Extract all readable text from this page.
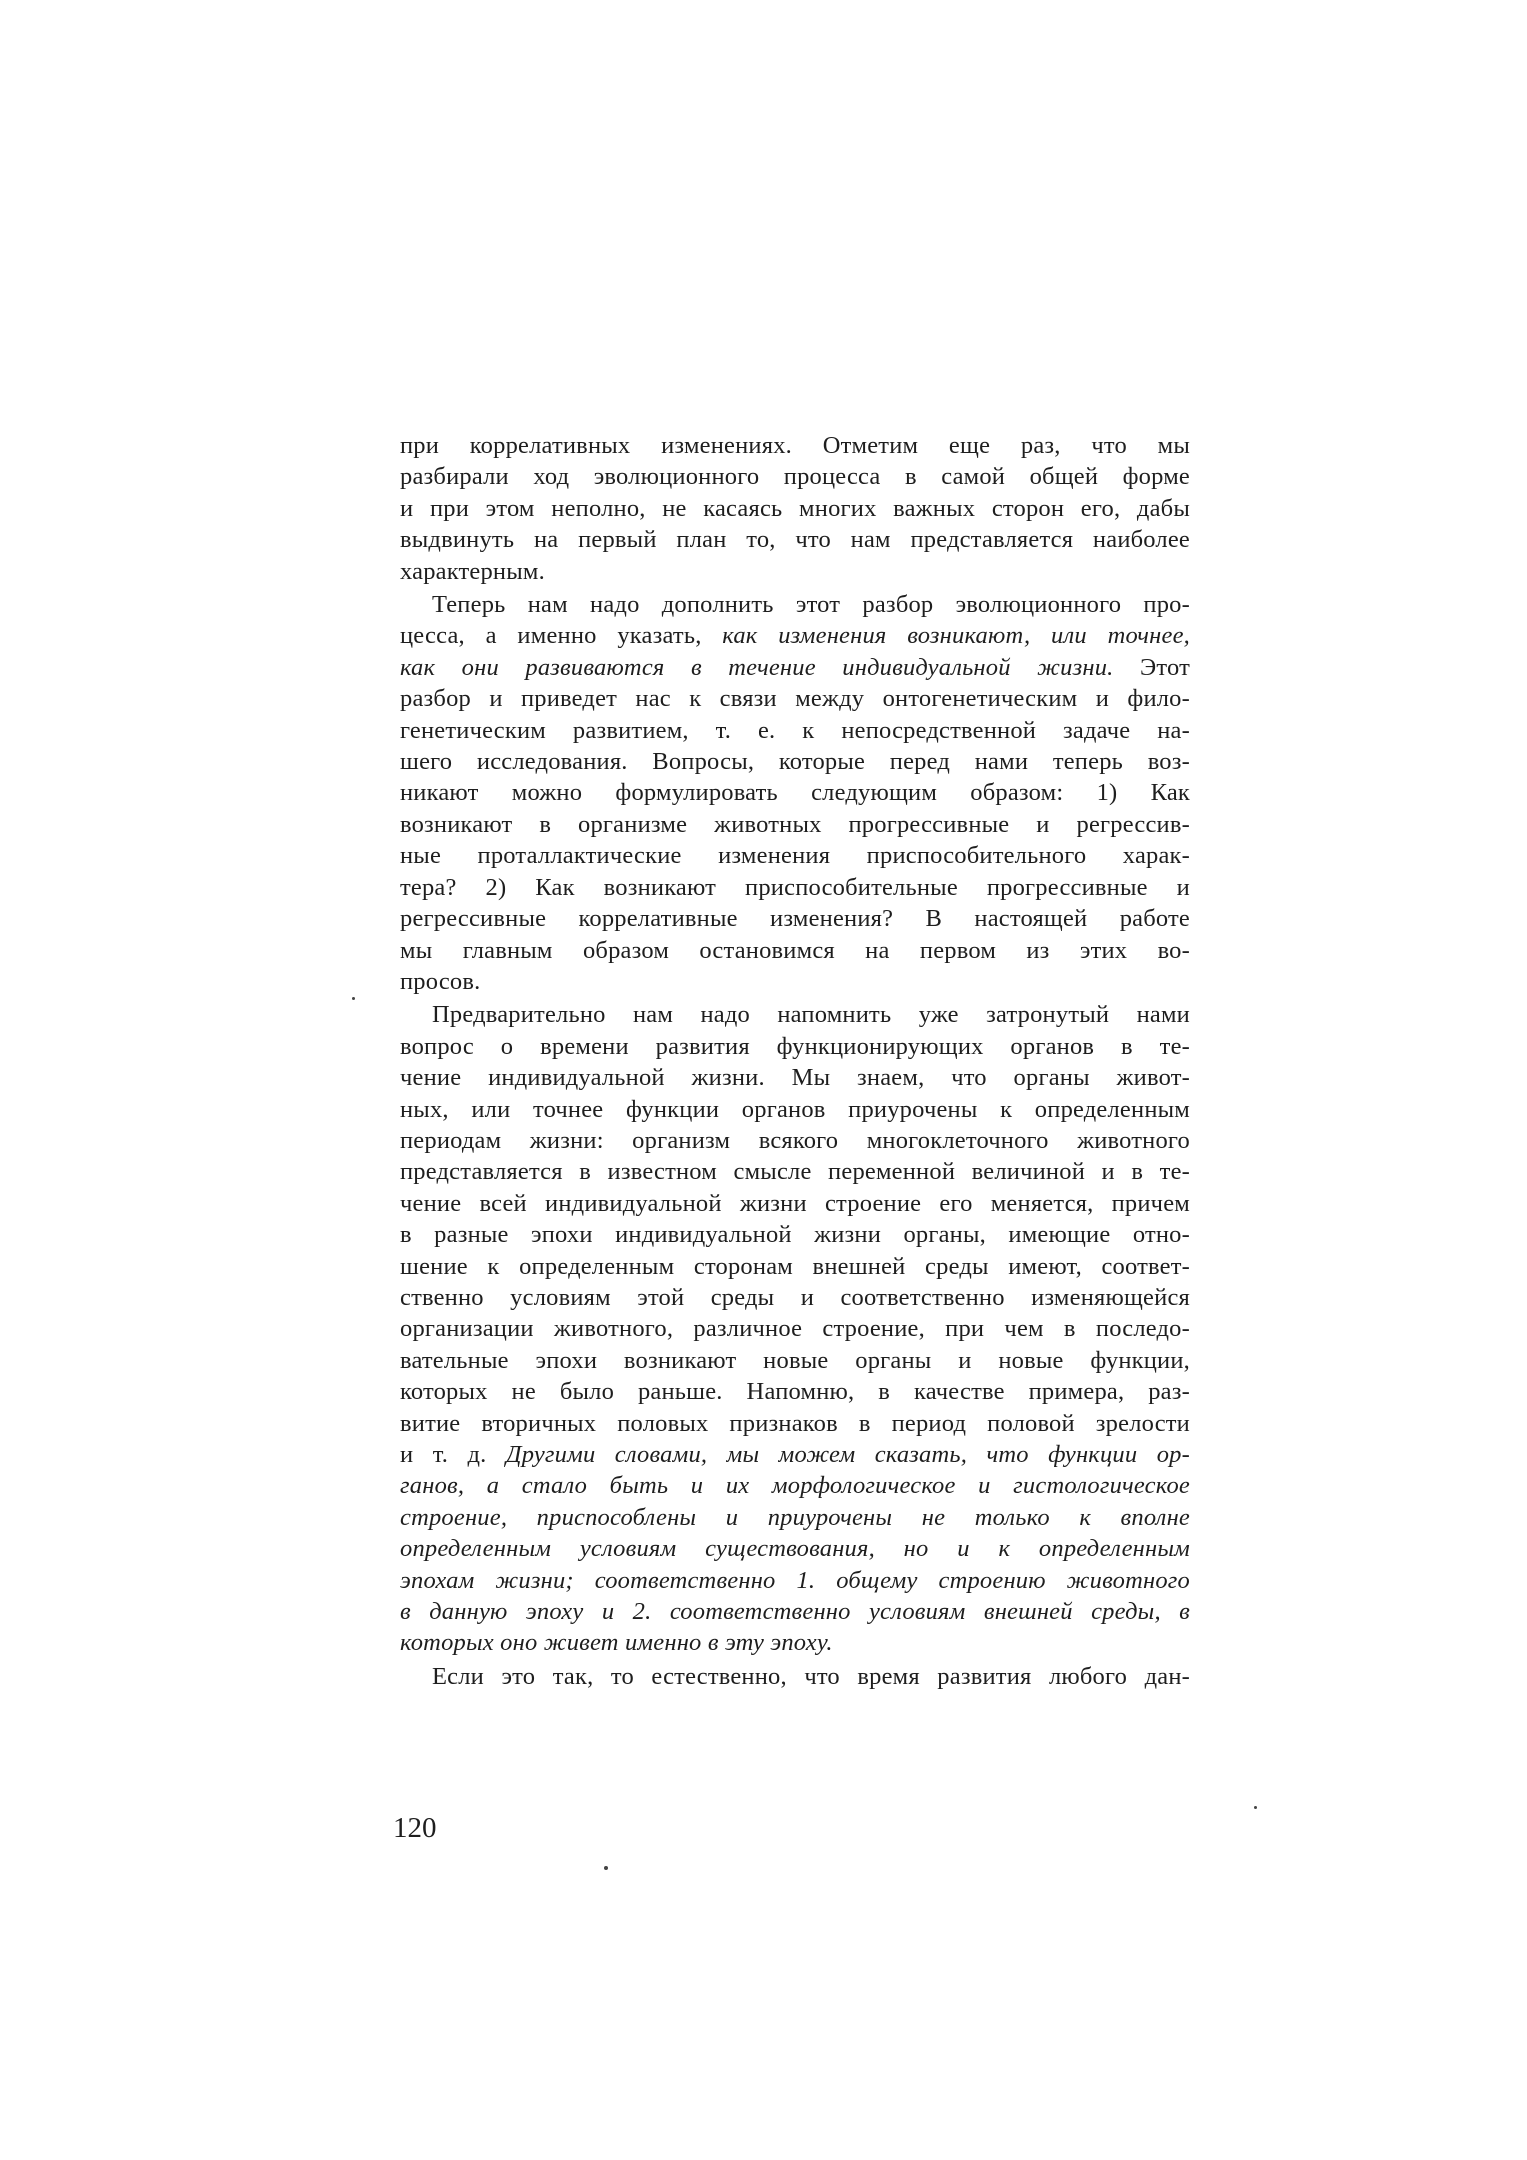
при коррелативных изменениях. Отметим еще раз, что мы
разбирали ход эволюционного процесса в самой общей форме
и при этом неполно, не касаясь многих важных сторон его, дабы
выдвинуть на первый план то, что нам представляется наиболее
характерным.
Теперь нам надо дополнить этот разбор эволюционного про-
цесса, а именно указать, как изменения возникают, или точнее,
как они развиваются в течение индивидуальной жизни. Этот
разбор и приведет нас к связи между онтогенетическим и фило-
генетическим развитием, т. е. к непосредственной задаче на-
шего исследования. Вопросы, которые перед нами теперь воз-
никают можно формулировать следующим образом: 1) Как
возникают в организме животных прогрессивные и регрессив-
ные проталлактические изменения приспособительного харак-
тера? 2) Как возникают приспособительные прогрессивные и
регрессивные коррелативные изменения? В настоящей работе
мы главным образом остановимся на первом из этих во-
просов.
Предварительно нам надо напомнить уже затронутый нами
вопрос о времени развития функционирующих органов в те-
чение индивидуальной жизни. Мы знаем, что органы живот-
ных, или точнее функции органов приурочены к определенным
периодам жизни: организм всякого многоклеточного животного
представляется в известном смысле переменной величиной и в те-
чение всей индивидуальной жизни строение его меняется, причем
в разные эпохи индивидуальной жизни органы, имеющие отно-
шение к определенным сторонам внешней среды имеют, соответ-
ственно условиям этой среды и соответственно изменяющейся
организации животного, различное строение, при чем в последо-
вательные эпохи возникают новые органы и новые функции,
которых не было раньше. Напомню, в качестве примера, раз-
витие вторичных половых признаков в период половой зрелости
и т. д. Другими словами, мы можем сказать, что функции ор-
ганов, а стало быть и их морфологическое и гистологическое
строение, приспособлены и приурочены не только к вполне
определенным условиям существования, но и к определенным
эпохам жизни; соответственно 1. общему строению животного
в данную эпоху и 2. соответственно условиям внешней среды, в
которых оно живет именно в эту эпоху.
Если это так, то естественно, что время развития любого дан-
120
